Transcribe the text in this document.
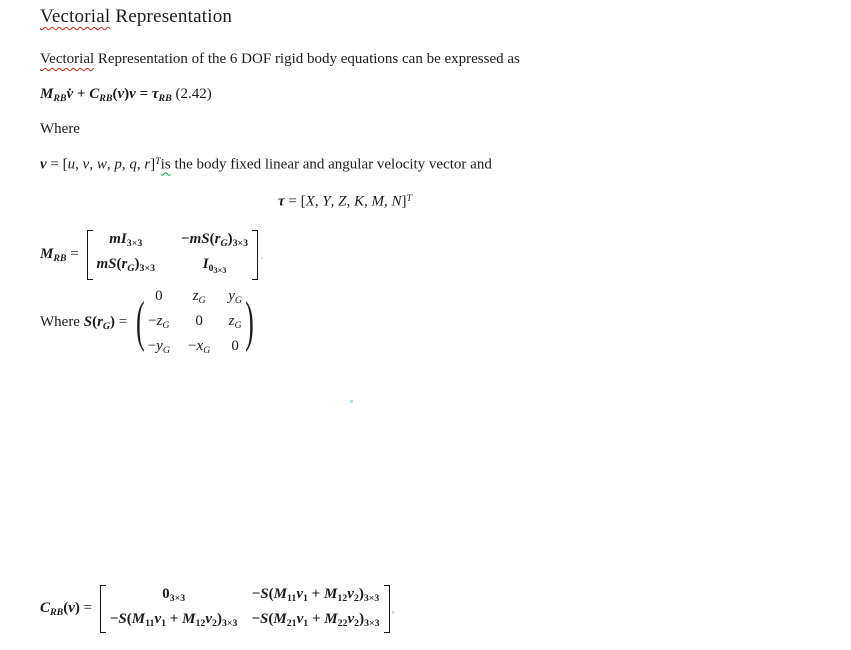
Vectorial Representation

Vectorial Representation of the 6 DOF rigid body equations can be expressed as

$M_{RB}v̇ + C_{RB}(v)v = \tau_{RB}$ (2.42)

Where

v = [u, v, w, p, q, r]$^T$is the body fixed linear and angular velocity vector and

τ = [X, Y, Z, K, M, N]$^T$

$M_{RB}$ =
$mI_{3\times 3}$	$-mS(r_G)_{3\times 3}$
$mS(r_G)_{3\times 3}$	$I_{03\times 3}$
.
Where $S(r_G)$ = ( 0	$z_G$	$y_G$
$-z_G$	0	$z_G$
$-y_G -x_G$ 0 )
$C_{RB}(v)$ =
$0_{3\times 3}$	$-S(M_{11}v_1 + M_{12}v_2)_{3\times 3}$
$-S(M_{11}v_1 + M_{12}v_2)_{3\times 3} -S(M_{21}v_1 + M_{22}v_2)_{3\times 3}$
,
